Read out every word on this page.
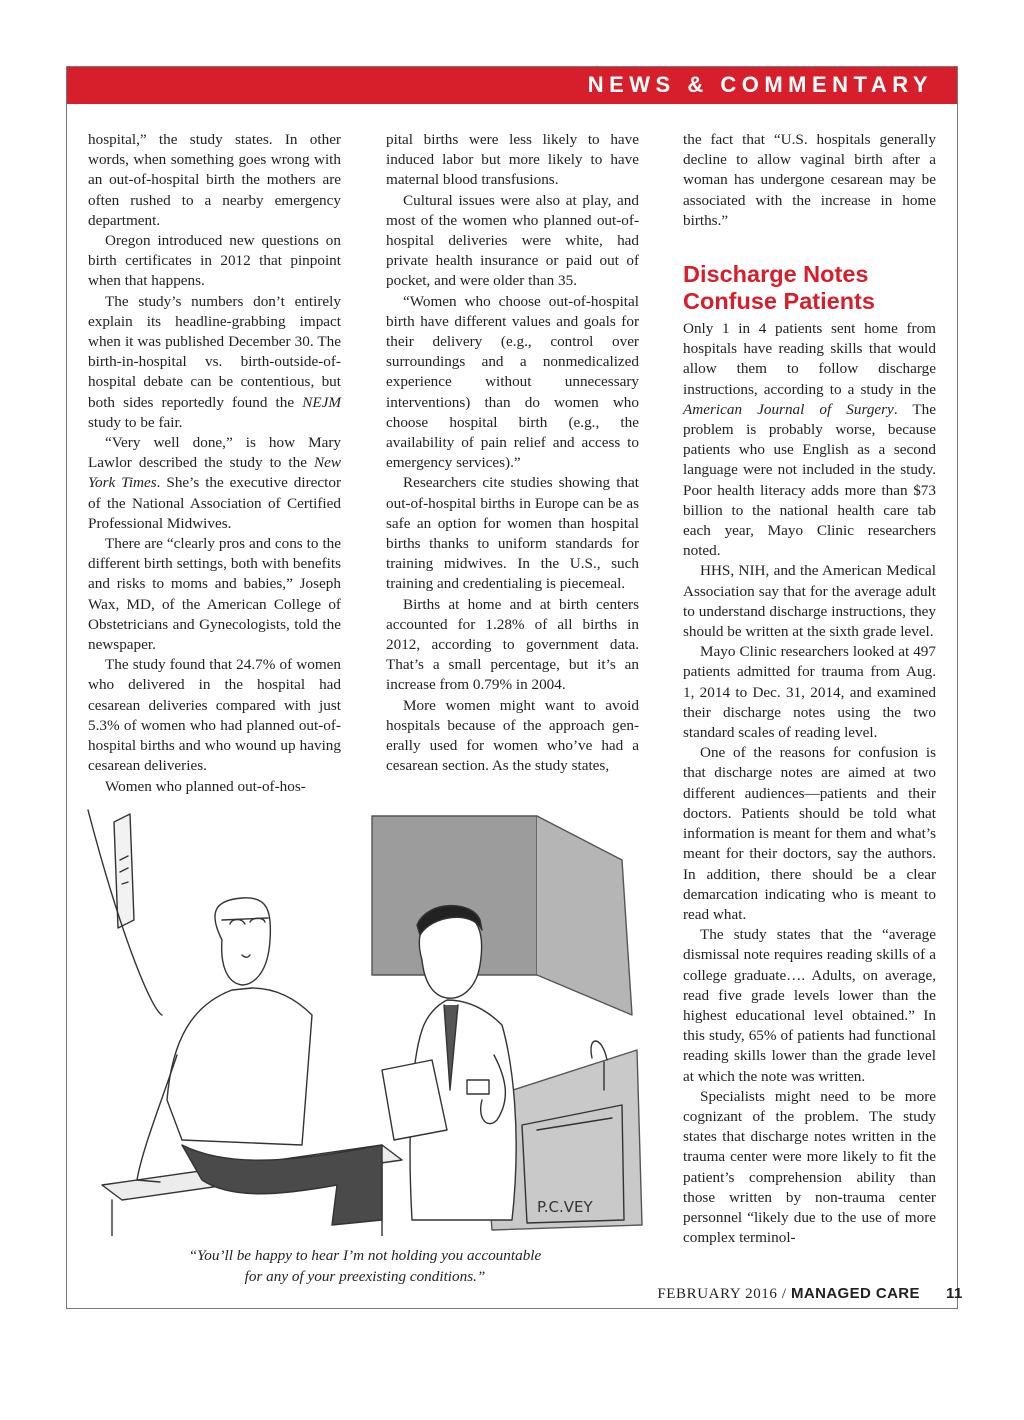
NEWS & COMMENTARY

hospital,” the study states. In other words, when something goes wrong with an out-of-hospital birth the mothers are often rushed to a nearby emergency department.

Oregon introduced new questions on birth certificates in 2012 that pinpoint when that happens.

The study’s numbers don’t entirely explain its headline-grabbing impact when it was published December 30. The birth-in-hospital vs. birth-outside-of-hospital debate can be contentious, but both sides reportedly found the NEJM study to be fair.

“Very well done,” is how Mary Lawlor described the study to the New York Times. She’s the executive director of the National Association of Certified Professional Midwives.

There are “clearly pros and cons to the different birth settings, both with benefits and risks to moms and babies,” Joseph Wax, MD, of the American College of Obstetricians and Gynecologists, told the newspaper.

The study found that 24.7% of women who delivered in the hospital had cesarean deliveries compared with just 5.3% of women who had planned out-of-hospital births and who wound up having cesarean deliveries.

Women who planned out-of-hos-

pital births were less likely to have induced labor but more likely to have maternal blood transfusions.

Cultural issues were also at play, and most of the women who planned out-of-hospital deliveries were white, had private health insurance or paid out of pocket, and were older than 35.

“Women who choose out-of-hospital birth have different values and goals for their delivery (e.g., control over surroundings and a nonmedicalized experience without unnecessary interventions) than do women who choose hospital birth (e.g., the availability of pain relief and access to emergency services).”

Researchers cite studies showing that out-of-hospital births in Europe can be as safe an option for women than hospital births thanks to uniform standards for training midwives. In the U.S., such training and credentialing is piecemeal.

Births at home and at birth centers accounted for 1.28% of all births in 2012, according to government data. That’s a small percentage, but it’s an increase from 0.79% in 2004.

More women might want to avoid hospitals because of the approach generally used for women who’ve had a cesarean section. As the study states,

the fact that “U.S. hospitals generally decline to allow vaginal birth after a woman has undergone cesarean may be associated with the increase in home births.”

Discharge Notes
Confuse Patients

Only 1 in 4 patients sent home from hospitals have reading skills that would allow them to follow discharge instructions, according to a study in the American Journal of Surgery. The problem is probably worse, because patients who use English as a second language were not included in the study. Poor health literacy adds more than $73 billion to the national health care tab each year, Mayo Clinic researchers noted.

HHS, NIH, and the American Medical Association say that for the average adult to understand discharge instructions, they should be written at the sixth grade level.

Mayo Clinic researchers looked at 497 patients admitted for trauma from Aug. 1, 2014 to Dec. 31, 2014, and examined their discharge notes using the two standard scales of reading level.

One of the reasons for confusion is that discharge notes are aimed at two different audiences—patients and their doctors. Patients should be told what information is meant for them and what’s meant for their doctors, say the authors. In addition, there should be a clear demarcation indicating who is meant to read what.

The study states that the “average dismissal note requires reading skills of a college graduate…. Adults, on average, read five grade levels lower than the highest educational level obtained.” In this study, 65% of patients had functional reading skills lower than the grade level at which the note was written.

Specialists might need to be more cognizant of the problem. The study states that discharge notes written in the trauma center were more likely to fit the patient’s comprehension ability than those written by non-trauma center personnel “likely due to the use of more complex terminol-

P.C.VEY
“You’ll be happy to hear I’m not holding you accountable
for any of your preexisting conditions.”
FEBRUARY 2016 / MANAGED CARE 11
